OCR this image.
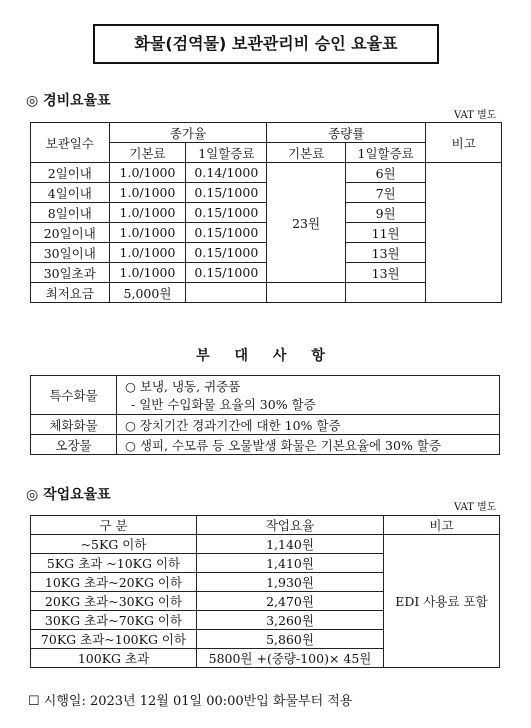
화물(검역물) 보관관리비 승인 요율표
◎ 경비요율표
VAT 별도
보관일수	종가율		종량률		비고
	기본료	1일할증료	기본료	1일할증료	
2일이내	1.0/1000	0.14/1000	23원	6원	
4일이내	1.0/1000	0.15/1000		7원	
8일이내	1.0/1000	0.15/1000		9원	
20일이내	1.0/1000	0.15/1000		11원	
30일이내	1.0/1000	0.15/1000		13원	
30일초과	1.0/1000	0.15/1000		13원	
최저요금	5,000원				
부 대 사 항
특수화물	○ 보냉, 냉동, 귀중품
- 일반 수입화물 요율의 30% 할증

체화화물	○ 장치기간 경과기간에 대한 10% 할증
오장물	○ 생피, 수모류 등 오물발생 화물은 기본요율에 30% 할증
◎ 작업요율표
VAT 별도
구 분	작업요율	비고
~5KG 이하	1,140원	EDI 사용료 포함
5KG 초과 ~10KG 이하	1,410원	
10KG 초과~20KG 이하	1,930원	
20KG 초과~30KG 이하	2,470원	
30KG 초과~70KG 이하	3,260원	
70KG 초과~100KG 이하	5,860원	
100KG 초과	5800원 +(중량-100)× 45원	
☐ 시행일: 2023년 12월 01일 00:00반입 화물부터 적용
